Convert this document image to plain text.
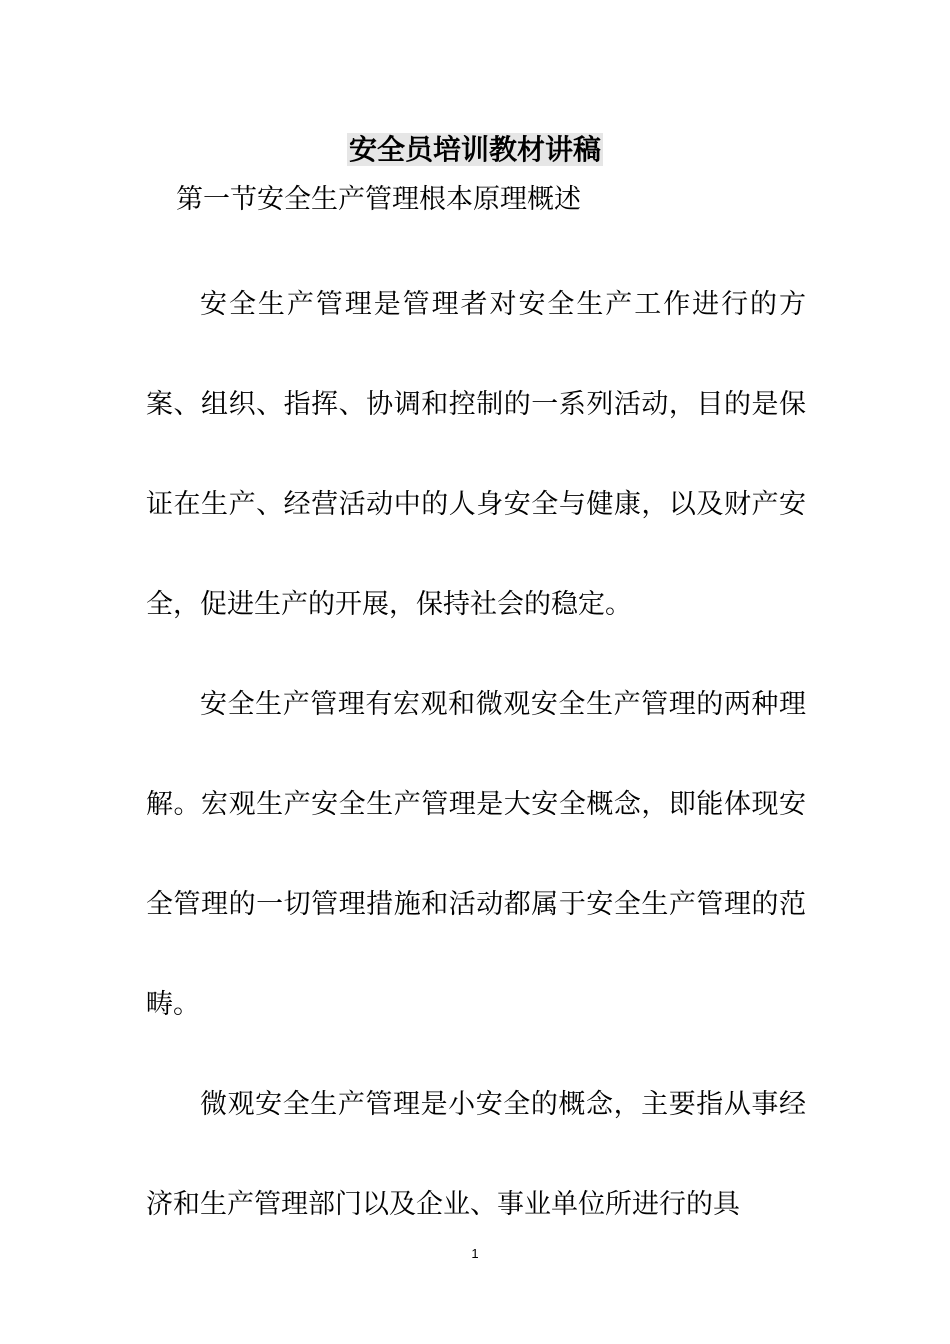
安全员培训教材讲稿
第一节安全生产管理根本原理概述

安全生产管理是管理者对安全生产工作进行的方案、组织、指挥、协调和控制的一系列活动，目的是保证在生产、经营活动中的人身安全与健康，以及财产安全，促进生产的开展，保持社会的稳定。

安全生产管理有宏观和微观安全生产管理的两种理解。宏观生产安全生产管理是大安全概念，即能体现安全管理的一切管理措施和活动都属于安全生产管理的范畴。

微观安全生产管理是小安全的概念，主要指从事经济和生产管理部门以及企业、事业单位所进行的具

1
